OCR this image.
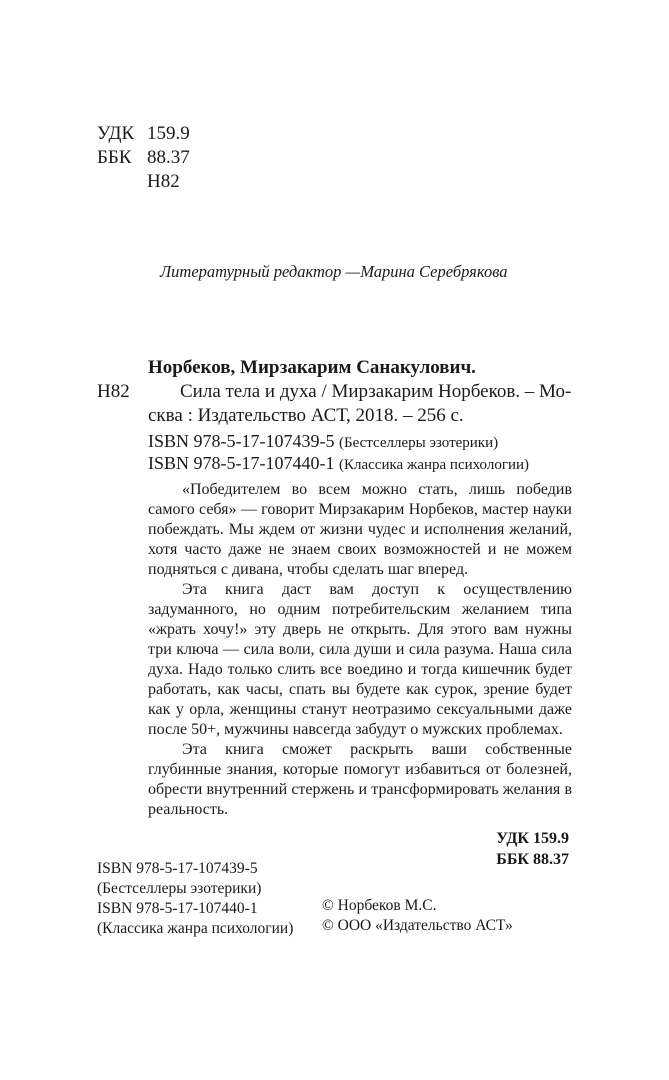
УДК 159.9
ББК 88.37
Н82
Литературный редактор —Марина Серебрякова
Норбеков, Мирзакарим Санакулович.
Н82	Сила тела и духа / Мирзакарим Норбеков. – Мо-
сква : Издательство АСТ, 2018. – 256 с.
ISBN 978-5-17-107439-5 (Бестселлеры эзотерики)
ISBN 978-5-17-107440-1 (Классика жанра психологии)

«Победителем во всем можно стать, лишь победив самого себя» — говорит Мирзакарим Норбеков, мастер науки побеждать. Мы ждем от жизни чудес и исполнения желаний, хотя часто даже не знаем своих возможностей и не можем подняться с дивана, чтобы сделать шаг вперед.

Эта книга даст вам доступ к осуществлению задуманного, но одним потребительским желанием типа «жрать хочу!» эту дверь не открыть. Для этого вам нужны три ключа — сила воли, сила души и сила разума. Наша сила духа. Надо только слить все воедино и тогда кишечник будет работать, как часы, спать вы будете как сурок, зрение будет как у орла, женщины станут неотразимо сексуальными даже после 50+, мужчины навсегда забудут о мужских проблемах.

Эта книга сможет раскрыть ваши собственные глубинные знания, которые помогут избавиться от болезней, обрести внутренний стержень и трансформировать желания в реальность.

УДК 159.9
ББК 88.37
ISBN 978-5-17-107439-5
(Бестселлеры эзотерики)
ISBN 978-5-17-107440-1
(Классика жанра психологии)
© Норбеков М.С.
© ООО «Издательство АСТ»
